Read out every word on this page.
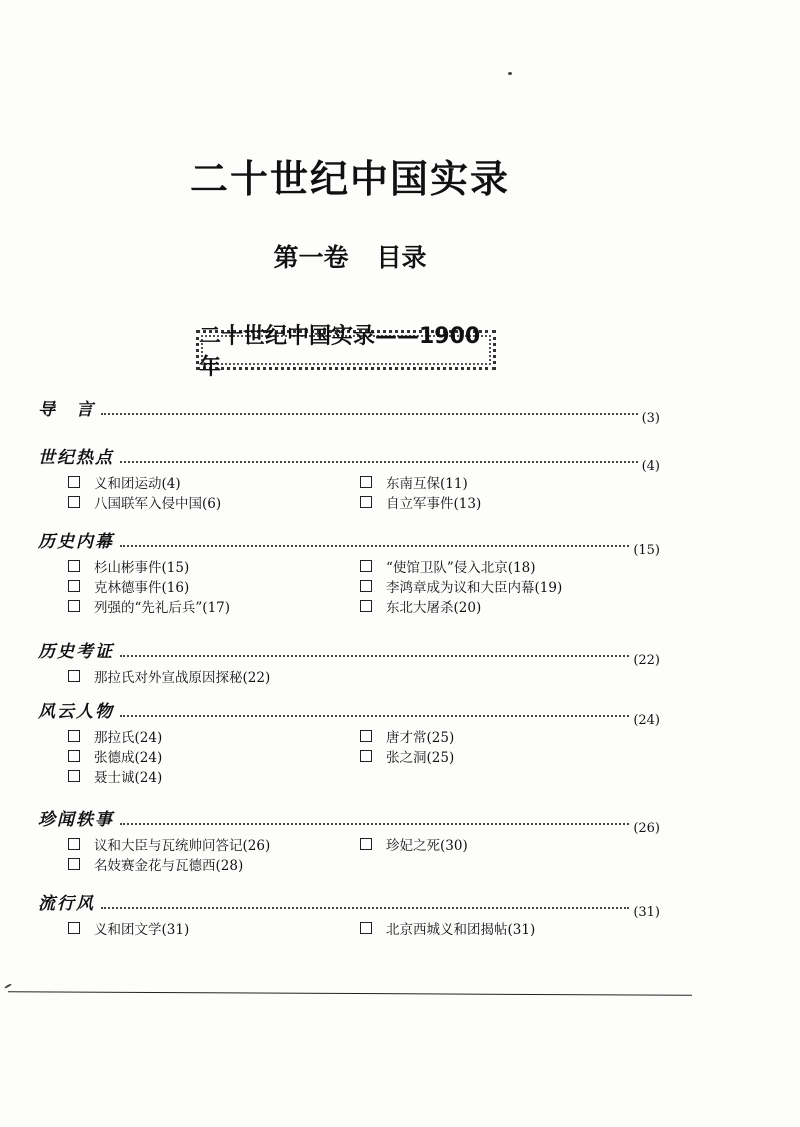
二十世纪中国实录
第一卷 目录
二十世纪中国实录——1900 年
导　言	(3)
世纪热点	(4)
义和团运动(4)	东南互保(11)
八国联军入侵中国(6)	自立军事件(13)
历史内幕	(15)
杉山彬事件(15)	“使馆卫队”侵入北京(18)
克林德事件(16)	李鸿章成为议和大臣内幕(19)
列强的“先礼后兵”(17)	东北大屠杀(20)
历史考证	(22)
那拉氏对外宣战原因探秘(22)
风云人物	(24)
那拉氏(24)	唐才常(25)
张德成(24)	张之洞(25)
聂士诚(24)
珍闻轶事	(26)
议和大臣与瓦统帅问答记(26)	珍妃之死(30)
名妓赛金花与瓦德西(28)
流行风	(31)
义和团文学(31)	北京西城义和团揭帖(31)
